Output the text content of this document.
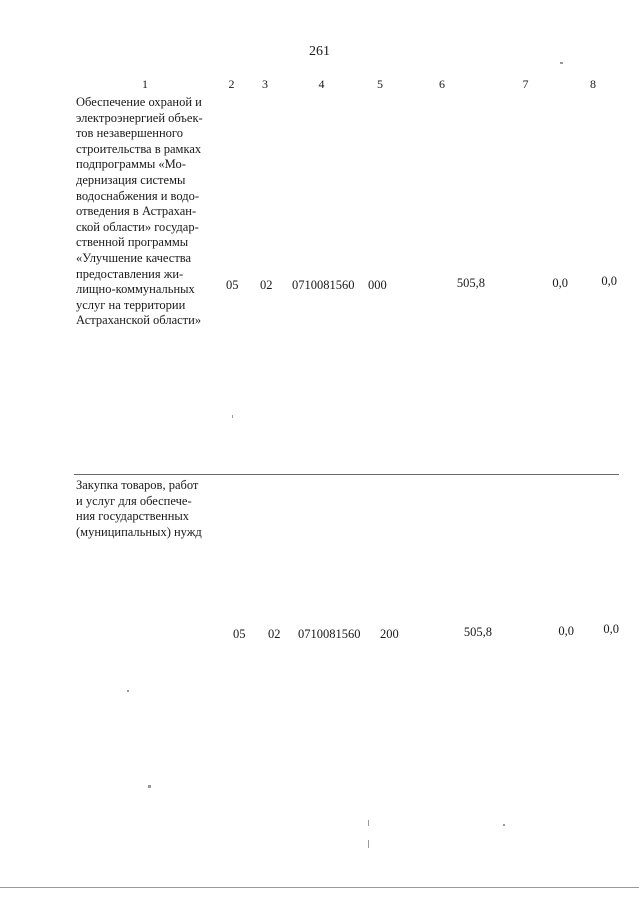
261
1	2	3	4	5	6	7	8
Обеспечение охраной и
электроэнергией объек-
тов незавершенного
строительства в рамках
подпрограммы «Мо-
дернизация системы
водоснабжения и водо-
отведения в Астрахан-
ской области» государ-
ственной программы
«Улучшение качества
предоставления жи-
лищно-коммунальных
услуг на территории
Астраханской области»
05 02 0710081560 000	505,8	0,0	0,0
Закупка товаров, работ
и услуг для обеспече-
ния государственных
(муниципальных) нужд
05 02 0710081560 200	505,8	0,0	0,0
